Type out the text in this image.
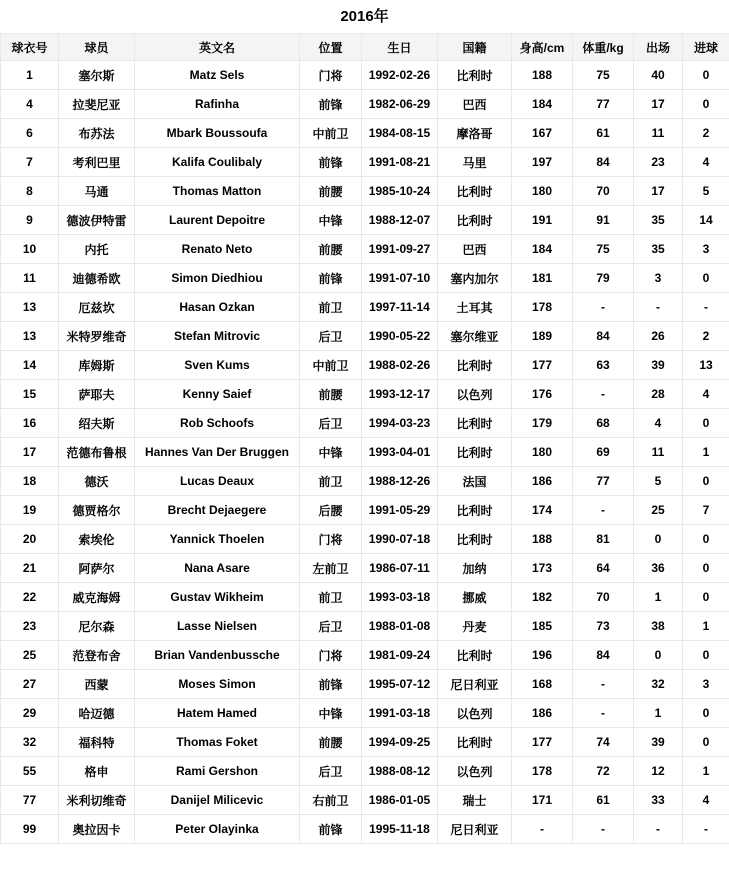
2016年
球衣号	球员	英文名	位置	生日	国籍	身高/cm	体重/kg	出场	进球
1	塞尔斯	Matz Sels	门将	1992-02-26	比利时	188	75	40	0
4	拉斐尼亚	Rafinha	前锋	1982-06-29	巴西	184	77	17	0
6	布苏法	Mbark Boussoufa	中前卫	1984-08-15	摩洛哥	167	61	11	2
7	考利巴里	Kalifa Coulibaly	前锋	1991-08-21	马里	197	84	23	4
8	马通	Thomas Matton	前腰	1985-10-24	比利时	180	70	17	5
9	德波伊特雷	Laurent Depoitre	中锋	1988-12-07	比利时	191	91	35	14
10	内托	Renato Neto	前腰	1991-09-27	巴西	184	75	35	3
11	迪德希欧	Simon Diedhiou	前锋	1991-07-10	塞内加尔	181	79	3	0
13	厄兹坎	Hasan Ozkan	前卫	1997-11-14	土耳其	178	-	-	-
13	米特罗维奇	Stefan Mitrovic	后卫	1990-05-22	塞尔维亚	189	84	26	2
14	库姆斯	Sven Kums	中前卫	1988-02-26	比利时	177	63	39	13
15	萨耶夫	Kenny Saief	前腰	1993-12-17	以色列	176	-	28	4
16	绍夫斯	Rob Schoofs	后卫	1994-03-23	比利时	179	68	4	0
17	范德布鲁根	Hannes Van Der Bruggen	中锋	1993-04-01	比利时	180	69	11	1
18	德沃	Lucas Deaux	前卫	1988-12-26	法国	186	77	5	0
19	德贾格尔	Brecht Dejaegere	后腰	1991-05-29	比利时	174	-	25	7
20	索埃伦	Yannick Thoelen	门将	1990-07-18	比利时	188	81	0	0
21	阿萨尔	Nana Asare	左前卫	1986-07-11	加纳	173	64	36	0
22	威克海姆	Gustav Wikheim	前卫	1993-03-18	挪威	182	70	1	0
23	尼尔森	Lasse Nielsen	后卫	1988-01-08	丹麦	185	73	38	1
25	范登布舍	Brian Vandenbussche	门将	1981-09-24	比利时	196	84	0	0
27	西蒙	Moses Simon	前锋	1995-07-12	尼日利亚	168	-	32	3
29	哈迈德	Hatem Hamed	中锋	1991-03-18	以色列	186	-	1	0
32	福科特	Thomas Foket	前腰	1994-09-25	比利时	177	74	39	0
55	格申	Rami Gershon	后卫	1988-08-12	以色列	178	72	12	1
77	米利切维奇	Danijel Milicevic	右前卫	1986-01-05	瑞士	171	61	33	4
99	奥拉因卡	Peter Olayinka	前锋	1995-11-18	尼日利亚	-	-	-	-
